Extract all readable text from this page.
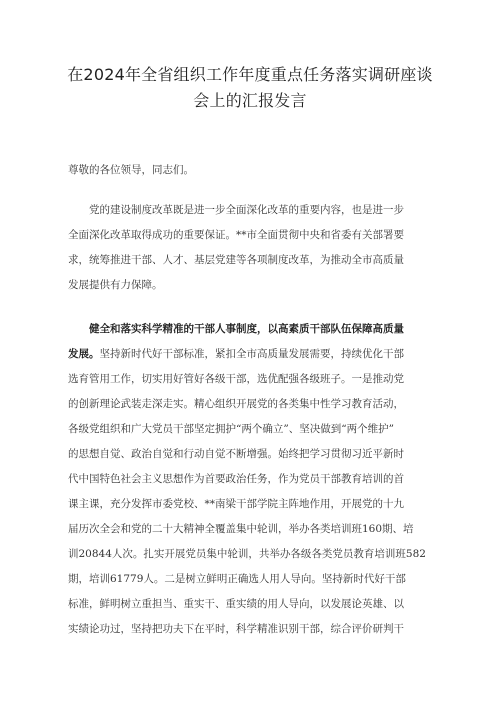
在2024年全省组织工作年度重点任务落实调研座谈
会上的汇报发言
尊敬的各位领导，同志们。
党的建设制度改革既是进一步全面深化改革的重要内容，也是进一步
全面深化改革取得成功的重要保证。**市全面贯彻中央和省委有关部署要
求，统筹推进干部、人才、基层党建等各项制度改革，为推动全市高质量
发展提供有力保障。
健全和落实科学精准的干部人事制度，以高素质干部队伍保障高质量
发展。坚持新时代好干部标准，紧扣全市高质量发展需要，持续优化干部
选育管用工作，切实用好管好各级干部，选优配强各级班子。一是推动党
的创新理论武装走深走实。精心组织开展党的各类集中性学习教育活动，
各级党组织和广大党员干部坚定拥护“两个确立”、坚决做到“两个维护”
的思想自觉、政治自觉和行动自觉不断增强。始终把学习贯彻习近平新时
代中国特色社会主义思想作为首要政治任务，作为党员干部教育培训的首
课主课，充分发挥市委党校、**南梁干部学院主阵地作用，开展党的十九
届历次全会和党的二十大精神全覆盖集中轮训，举办各类培训班160期、培
训20844人次。扎实开展党员集中轮训，共举办各级各类党员教育培训班582
期，培训61779人。二是树立鲜明正确选人用人导向。坚持新时代好干部
标准，鲜明树立重担当、重实干、重实绩的用人导向，以发展论英雄、以
实绩论功过，坚持把功夫下在平时，科学精准识别干部，综合评价研判干
